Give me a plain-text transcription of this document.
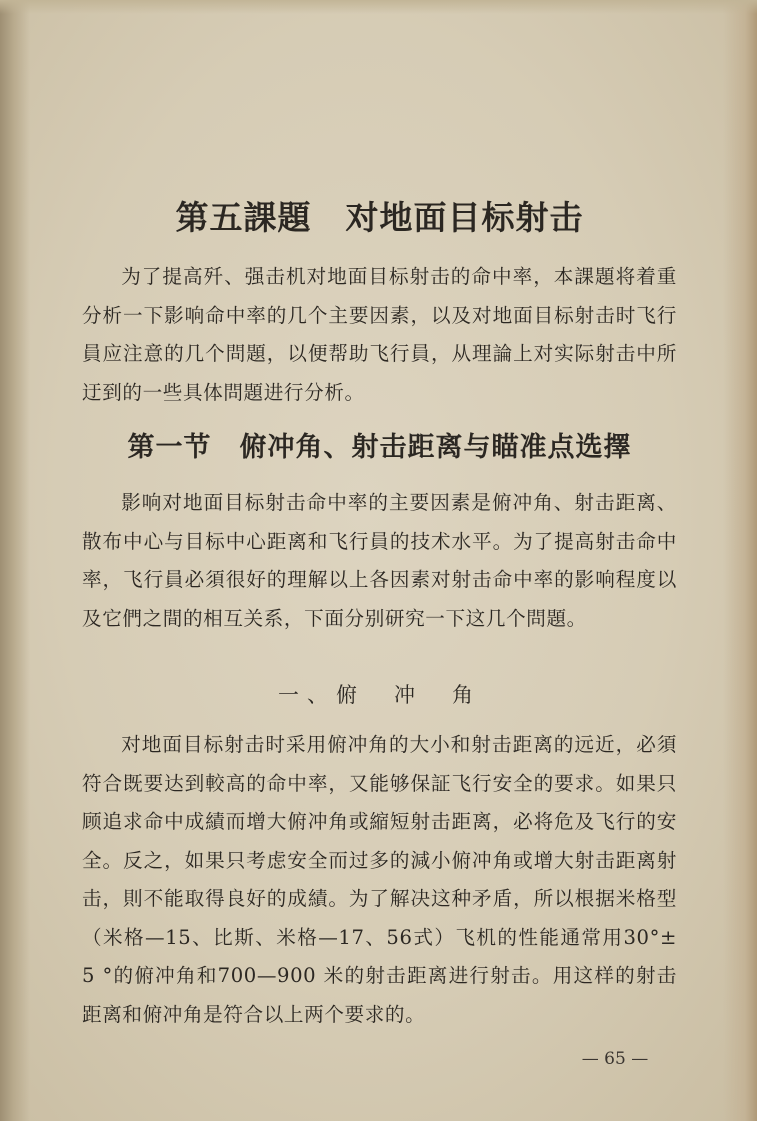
第五課題　对地面目标射击
为了提高歼、强击机对地面目标射击的命中率，本課題将着重分析一下影响命中率的几个主要因素，以及对地面目标射击时飞行員应注意的几个問題，以便帮助飞行員，从理論上对实际射击中所迂到的一些具体問題进行分析。
第一节　俯冲角、射击距离与瞄准点选擇
影响对地面目标射击命中率的主要因素是俯冲角、射击距离、散布中心与目标中心距离和飞行員的技术水平。为了提高射击命中率，飞行員必須很好的理解以上各因素对射击命中率的影响程度以及它們之間的相互关系，下面分别研究一下这几个問題。
一、俯　冲　角
对地面目标射击时采用俯冲角的大小和射击距离的远近，必須符合既要达到較高的命中率，又能够保証飞行安全的要求。如果只顾追求命中成績而增大俯冲角或縮短射击距离，必将危及飞行的安全。反之，如果只考虑安全而过多的減小俯冲角或增大射击距离射击，則不能取得良好的成績。为了解决这种矛盾，所以根据米格型（米格—15、比斯、米格—17、56式）飞机的性能通常用30°± 5 °的俯冲角和700—900 米的射击距离进行射击。用这样的射击距离和俯冲角是符合以上两个要求的。
— 65 —
